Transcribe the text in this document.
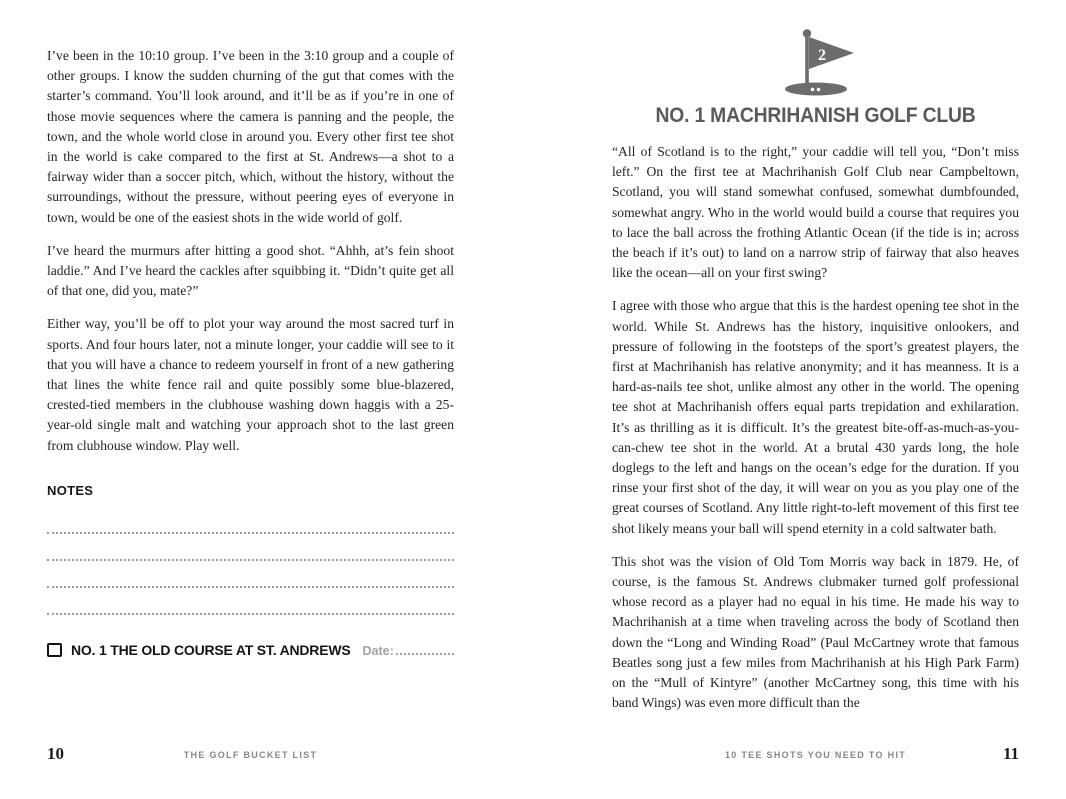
I’ve been in the 10:10 group. I’ve been in the 3:10 group and a couple of other groups. I know the sudden churning of the gut that comes with the starter’s command. You’ll look around, and it’ll be as if you’re in one of those movie sequences where the camera is panning and the people, the town, and the whole world close in around you. Every other first tee shot in the world is cake compared to the first at St. Andrews—a shot to a fairway wider than a soccer pitch, which, without the history, without the surroundings, without the pressure, without peering eyes of everyone in town, would be one of the easiest shots in the wide world of golf.

I’ve heard the murmurs after hitting a good shot. “Ahhh, at’s fein shoot laddie.” And I’ve heard the cackles after squibbing it. “Didn’t quite get all of that one, did you, mate?”

Either way, you’ll be off to plot your way around the most sacred turf in sports. And four hours later, not a minute longer, your caddie will see to it that you will have a chance to redeem yourself in front of a new gathering that lines the white fence rail and quite possibly some blue-blazered, crested-tied members in the clubhouse washing down haggis with a 25-year-old single malt and watching your approach shot to the last green from clubhouse window. Play well.

NOTES
NO. 1 THE OLD COURSE AT ST. ANDREWS Date:
2
NO. 1 MACHRIHANISH GOLF CLUB

“All of Scotland is to the right,” your caddie will tell you, “Don’t miss left.” On the first tee at Machrihanish Golf Club near Campbeltown, Scotland, you will stand somewhat confused, somewhat dumbfounded, somewhat angry. Who in the world would build a course that requires you to lace the ball across the frothing Atlantic Ocean (if the tide is in; across the beach if it’s out) to land on a narrow strip of fairway that also heaves like the ocean—all on your first swing?

I agree with those who argue that this is the hardest opening tee shot in the world. While St. Andrews has the history, inquisitive onlookers, and pressure of following in the footsteps of the sport’s greatest players, the first at Machrihanish has relative anonymity; and it has meanness. It is a hard-as-nails tee shot, unlike almost any other in the world. The opening tee shot at Machrihanish offers equal parts trepidation and exhilaration. It’s as thrilling as it is difficult. It’s the greatest bite-off-as-much-as-you-can-chew tee shot in the world. At a brutal 430 yards long, the hole doglegs to the left and hangs on the ocean’s edge for the duration. If you rinse your first shot of the day, it will wear on you as you play one of the great courses of Scotland. Any little right-to-left movement of this first tee shot likely means your ball will spend eternity in a cold saltwater bath.

This shot was the vision of Old Tom Morris way back in 1879. He, of course, is the famous St. Andrews clubmaker turned golf professional whose record as a player had no equal in his time. He made his way to Machrihanish at a time when traveling across the body of Scotland then down the “Long and Winding Road” (Paul McCartney wrote that famous Beatles song just a few miles from Machrihanish at his High Park Farm) on the “Mull of Kintyre” (another McCartney song, this time with his band Wings) was even more difficult than the

10	THE GOLF BUCKET LIST	10 TEE SHOTS YOU NEED TO HIT	11
